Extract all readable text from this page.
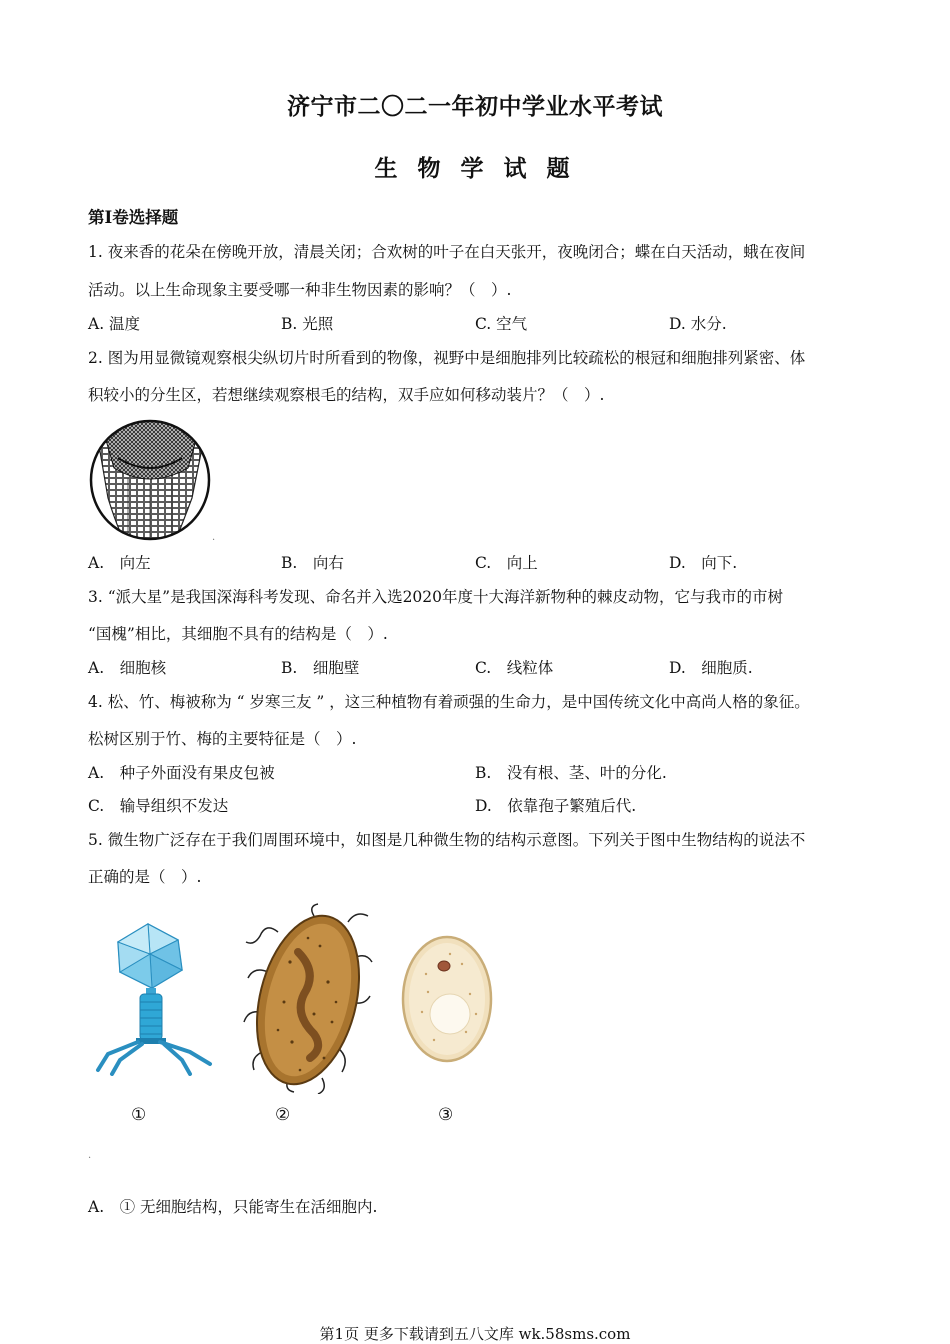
济宁市二〇二一年初中学业水平考试
生 物 学 试 题
第Ⅰ卷选择题
1. 夜来香的花朵在傍晚开放，清晨关闭；合欢树的叶子在白天张开，夜晚闭合；蝶在白天活动，蛾在夜间
活动。以上生命现象主要受哪一种非生物因素的影响？（　）.
A. 温度	B. 光照	C. 空气	D. 水分.
2. 图为用显微镜观察根尖纵切片时所看到的物像，视野中是细胞排列比较疏松的根冠和细胞排列紧密、体
积较小的分生区，若想继续观察根毛的结构，双手应如何移动装片？（　）.
.
A.　向左	B.　向右	C.　向上	D.　向下.
3. “派大星”是我国深海科考发现、命名并入选2020年度十大海洋新物种的棘皮动物，它与我市的市树
“国槐”相比，其细胞不具有的结构是（　）.
A.　细胞核	B.　细胞壁	C.　线粒体	D.　细胞质.
4. 松、竹、梅被称为 “ 岁寒三友 ” ，这三种植物有着顽强的生命力，是中国传统文化中高尚人格的象征。
松树区别于竹、梅的主要特征是（　）.
A.　种子外面没有果皮包被	B.　没有根、茎、叶的分化.
C.　输导组织不发达	D.　依靠孢子繁殖后代.
5. 微生物广泛存在于我们周围环境中，如图是几种微生物的结构示意图。下列关于图中生物结构的说法不
正确的是（　）.
①	②	③
.
A.　① 无细胞结构，只能寄生在活细胞内.
第1页 更多下载请到五八文库 wk.58sms.com
